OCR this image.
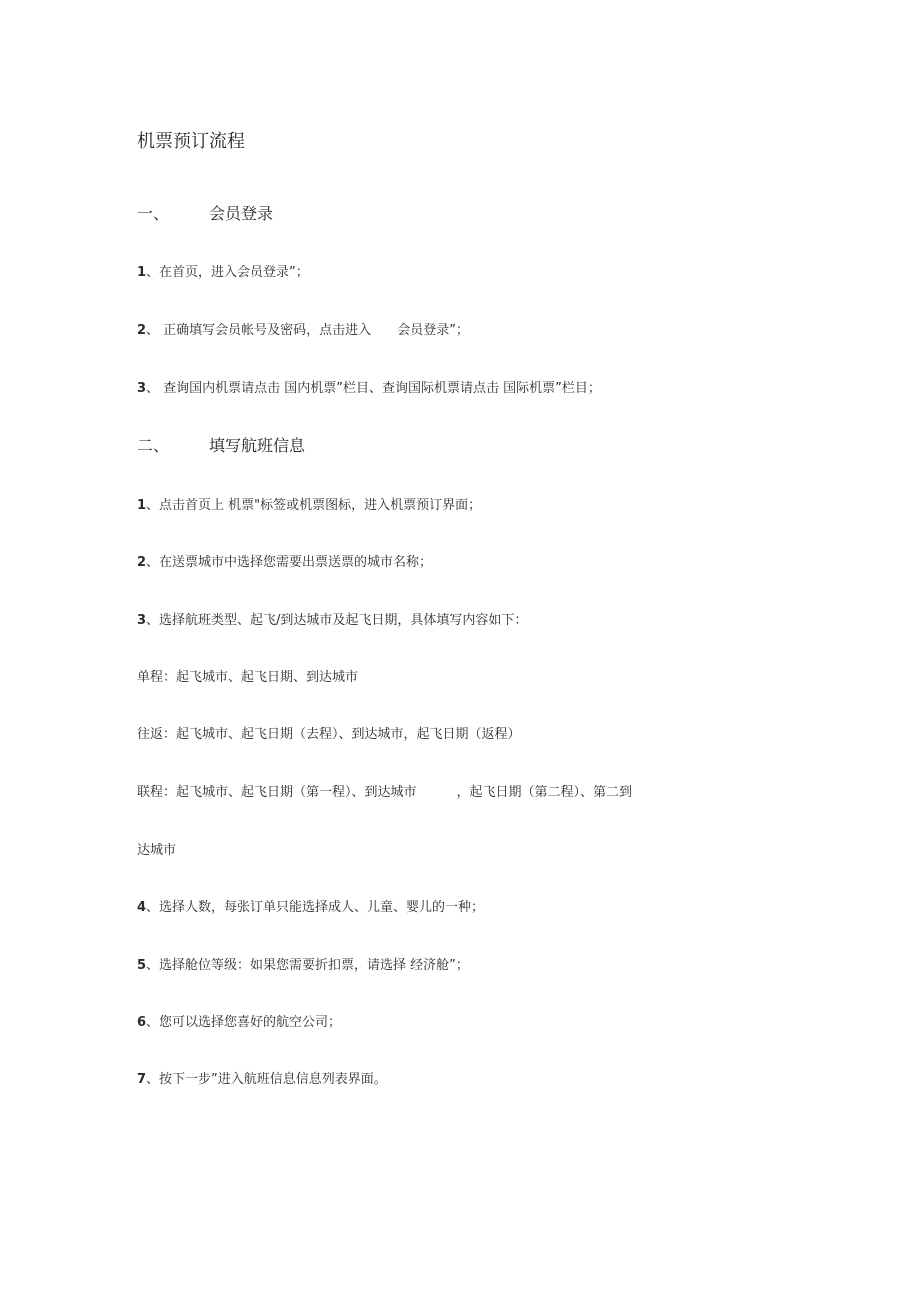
机票预订流程
一、	会员登录
1、在首页，进入会员登录”；
2、 正确填写会员帐号及密码，点击进入 会员登录”；
3、 查询国内机票请点击 国内机票”栏目、查询国际机票请点击 国际机票”栏目；
二、	填写航班信息
1、点击首页上 机票"标签或机票图标，进入机票预订界面；
2、在送票城市中选择您需要出票送票的城市名称；
3、选择航班类型、起飞/到达城市及起飞日期，具体填写内容如下：
单程：起飞城市、起飞日期、到达城市
往返：起飞城市、起飞日期（去程）、到达城市，起飞日期（返程）
联程：起飞城市、起飞日期（第一程）、到达城市	，起飞日期（第二程）、第二到
达城市
4、选择人数，每张订单只能选择成人、儿童、婴儿的一种；
5、选择舱位等级：如果您需要折扣票，请选择 经济舱”；
6、您可以选择您喜好的航空公司；
7、按下一步”进入航班信息信息列表界面。
